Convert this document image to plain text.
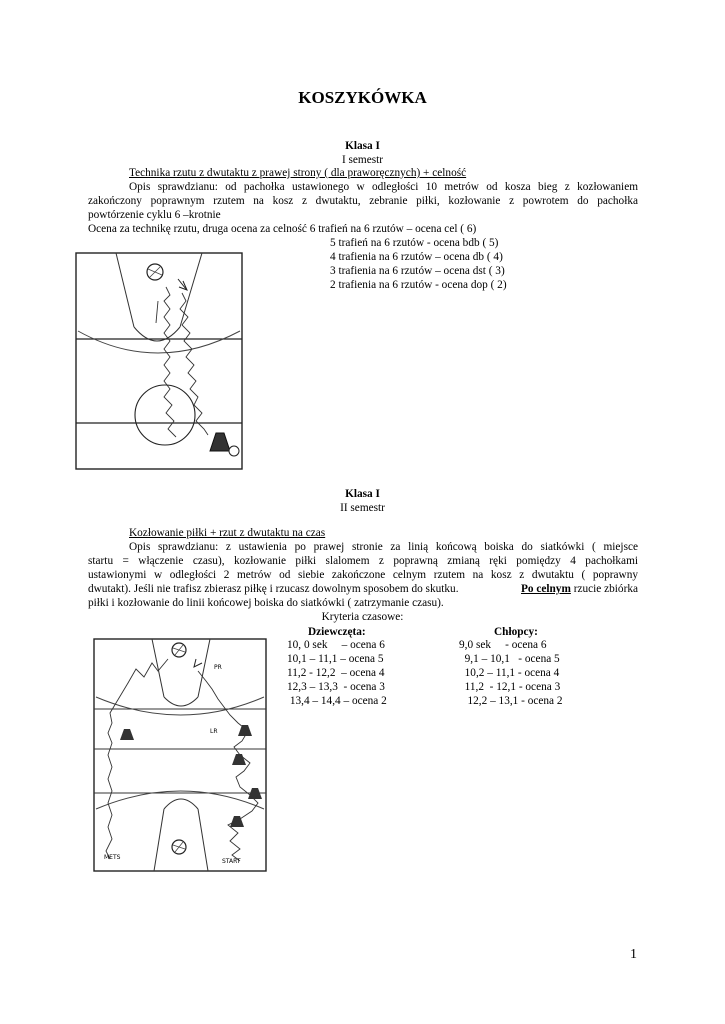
KOSZYKÓWKA
Klasa I
I semestr
Technika rzutu z dwutaktu z prawej strony ( dla praworęcznych) + celność
Opis sprawdzianu: od pachołka ustawionego w odległości 10 metrów od kosza bieg z kozłowaniem
zakończony poprawnym rzutem na kosz z dwutaktu, zebranie piłki, kozłowanie z powrotem do pachołka
powtórzenie cyklu 6 –krotnie
Ocena za technikę rzutu, druga ocena za celność 6 trafień na 6 rzutów – ocena cel ( 6)
5 trafień na 6 rzutów - ocena bdb ( 5)
4 trafienia na 6 rzutów – ocena db ( 4)
3 trafienia na 6 rzutów – ocena dst ( 3)
2 trafienia na 6 rzutów - ocena dop ( 2)
Klasa I
II semestr
Kozłowanie piłki + rzut z dwutaktu na czas
Opis sprawdzianu: z ustawienia po prawej stronie za linią końcową boiska do siatkówki ( miejsce
startu = włączenie czasu), kozłowanie piłki slalomem z poprawną zmianą ręki pomiędzy 4 pachołkami
ustawionymi w odległości 2 metrów od siebie zakończone celnym rzutem na kosz z dwutaktu ( poprawny
dwutakt). Jeśli nie trafisz zbierasz piłkę i rzucasz dowolnym sposobem do skutku.	Po celnym rzucie zbiórka
piłki i kozłowanie do linii końcowej boiska do siatkówki ( zatrzymanie czasu).
Kryteria czasowe:
Dziewczęta:	Chłopcy:
10, 0 sek     – ocena 6
10,1 – 11,1 – ocena 5
11,2 - 12,2  – ocena 4
12,3 – 13,3  - ocena 3
13,4 – 14,4 – ocena 2
9,0 sek     - ocena 6
9,1 – 10,1   - ocena 5
10,2 – 11,1 - ocena 4
11,2  - 12,1 - ocena 3
12,2 – 13,1 - ocena 2
PR
LR
START
METS
1
